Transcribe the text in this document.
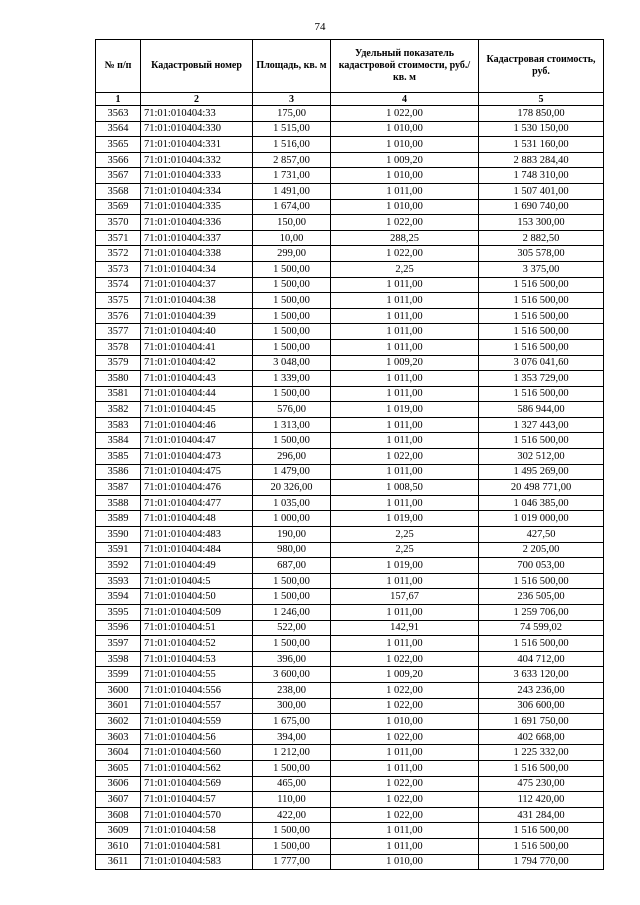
74
№ п/п	Кадастровый номер	Площадь, кв. м	Удельный показатель кадастровой стоимости, руб./кв. м	Кадастровая стоимость, руб.
1	2	3	4	5
3563	71:01:010404:33	175,00	1 022,00	178 850,00
3564	71:01:010404:330	1 515,00	1 010,00	1 530 150,00
3565	71:01:010404:331	1 516,00	1 010,00	1 531 160,00
3566	71:01:010404:332	2 857,00	1 009,20	2 883 284,40
3567	71:01:010404:333	1 731,00	1 010,00	1 748 310,00
3568	71:01:010404:334	1 491,00	1 011,00	1 507 401,00
3569	71:01:010404:335	1 674,00	1 010,00	1 690 740,00
3570	71:01:010404:336	150,00	1 022,00	153 300,00
3571	71:01:010404:337	10,00	288,25	2 882,50
3572	71:01:010404:338	299,00	1 022,00	305 578,00
3573	71:01:010404:34	1 500,00	2,25	3 375,00
3574	71:01:010404:37	1 500,00	1 011,00	1 516 500,00
3575	71:01:010404:38	1 500,00	1 011,00	1 516 500,00
3576	71:01:010404:39	1 500,00	1 011,00	1 516 500,00
3577	71:01:010404:40	1 500,00	1 011,00	1 516 500,00
3578	71:01:010404:41	1 500,00	1 011,00	1 516 500,00
3579	71:01:010404:42	3 048,00	1 009,20	3 076 041,60
3580	71:01:010404:43	1 339,00	1 011,00	1 353 729,00
3581	71:01:010404:44	1 500,00	1 011,00	1 516 500,00
3582	71:01:010404:45	576,00	1 019,00	586 944,00
3583	71:01:010404:46	1 313,00	1 011,00	1 327 443,00
3584	71:01:010404:47	1 500,00	1 011,00	1 516 500,00
3585	71:01:010404:473	296,00	1 022,00	302 512,00
3586	71:01:010404:475	1 479,00	1 011,00	1 495 269,00
3587	71:01:010404:476	20 326,00	1 008,50	20 498 771,00
3588	71:01:010404:477	1 035,00	1 011,00	1 046 385,00
3589	71:01:010404:48	1 000,00	1 019,00	1 019 000,00
3590	71:01:010404:483	190,00	2,25	427,50
3591	71:01:010404:484	980,00	2,25	2 205,00
3592	71:01:010404:49	687,00	1 019,00	700 053,00
3593	71:01:010404:5	1 500,00	1 011,00	1 516 500,00
3594	71:01:010404:50	1 500,00	157,67	236 505,00
3595	71:01:010404:509	1 246,00	1 011,00	1 259 706,00
3596	71:01:010404:51	522,00	142,91	74 599,02
3597	71:01:010404:52	1 500,00	1 011,00	1 516 500,00
3598	71:01:010404:53	396,00	1 022,00	404 712,00
3599	71:01:010404:55	3 600,00	1 009,20	3 633 120,00
3600	71:01:010404:556	238,00	1 022,00	243 236,00
3601	71:01:010404:557	300,00	1 022,00	306 600,00
3602	71:01:010404:559	1 675,00	1 010,00	1 691 750,00
3603	71:01:010404:56	394,00	1 022,00	402 668,00
3604	71:01:010404:560	1 212,00	1 011,00	1 225 332,00
3605	71:01:010404:562	1 500,00	1 011,00	1 516 500,00
3606	71:01:010404:569	465,00	1 022,00	475 230,00
3607	71:01:010404:57	110,00	1 022,00	112 420,00
3608	71:01:010404:570	422,00	1 022,00	431 284,00
3609	71:01:010404:58	1 500,00	1 011,00	1 516 500,00
3610	71:01:010404:581	1 500,00	1 011,00	1 516 500,00
3611	71:01:010404:583	1 777,00	1 010,00	1 794 770,00
